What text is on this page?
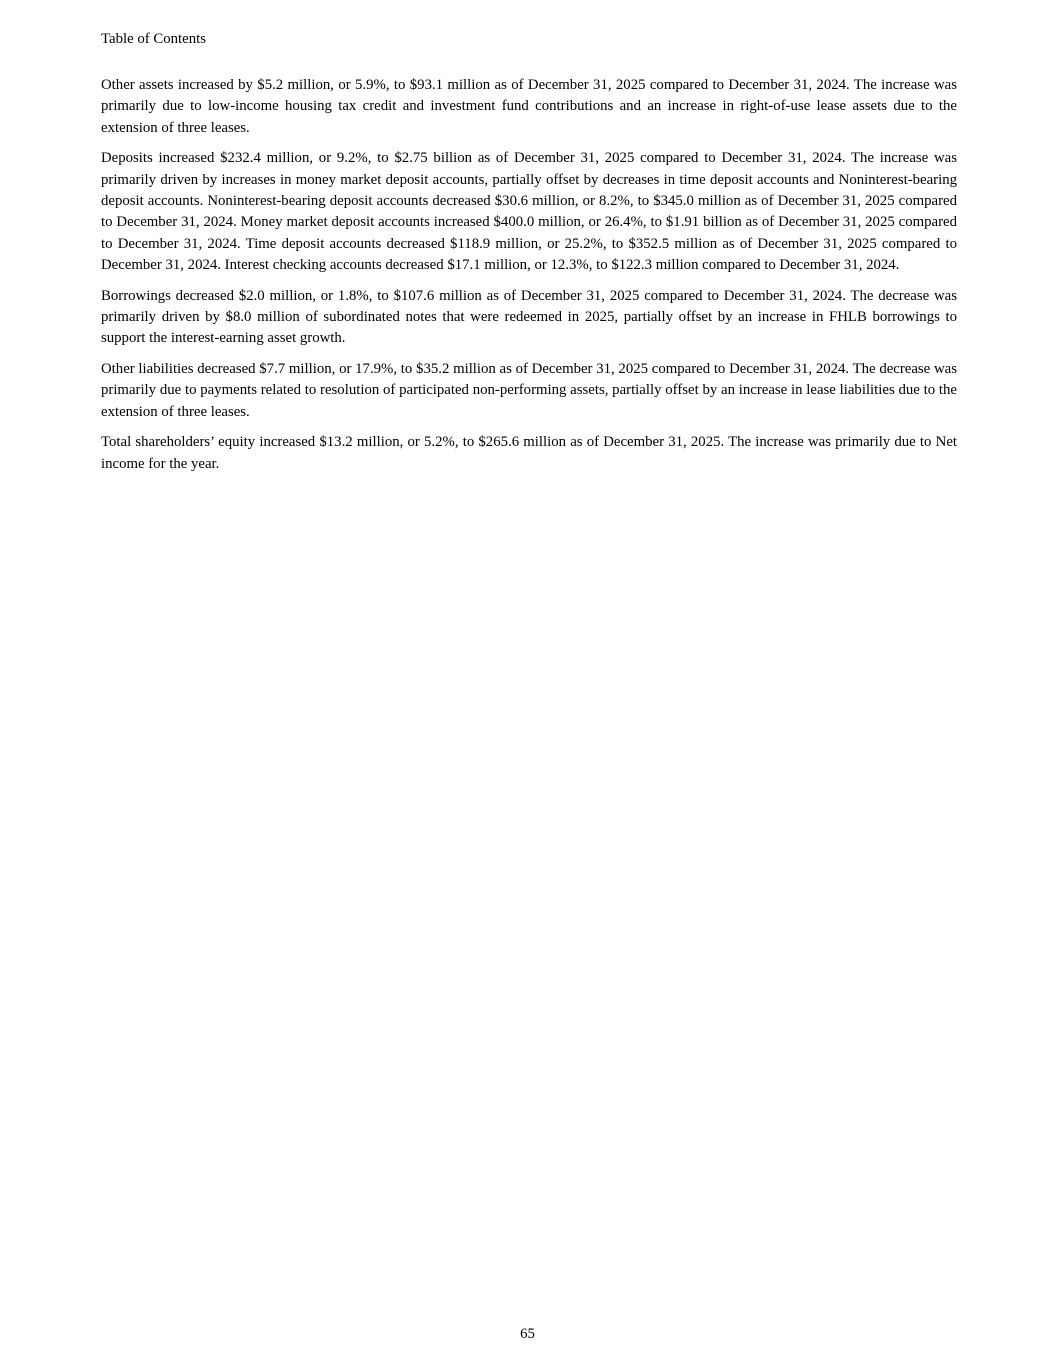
Table of Contents

Other assets increased by $5.2 million, or 5.9%, to $93.1 million as of December 31, 2025 compared to December 31, 2024. The increase was primarily due to low-income housing tax credit and investment fund contributions and an increase in right-of-use lease assets due to the extension of three leases.

Deposits increased $232.4 million, or 9.2%, to $2.75 billion as of December 31, 2025 compared to December 31, 2024. The increase was primarily driven by increases in money market deposit accounts, partially offset by decreases in time deposit accounts and Noninterest-bearing deposit accounts. Noninterest-bearing deposit accounts decreased $30.6 million, or 8.2%, to $345.0 million as of December 31, 2025 compared to December 31, 2024. Money market deposit accounts increased $400.0 million, or 26.4%, to $1.91 billion as of December 31, 2025 compared to December 31, 2024. Time deposit accounts decreased $118.9 million, or 25.2%, to $352.5 million as of December 31, 2025 compared to December 31, 2024. Interest checking accounts decreased $17.1 million, or 12.3%, to $122.3 million compared to December 31, 2024.

Borrowings decreased $2.0 million, or 1.8%, to $107.6 million as of December 31, 2025 compared to December 31, 2024. The decrease was primarily driven by $8.0 million of subordinated notes that were redeemed in 2025, partially offset by an increase in FHLB borrowings to support the interest-earning asset growth.

Other liabilities decreased $7.7 million, or 17.9%, to $35.2 million as of December 31, 2025 compared to December 31, 2024. The decrease was primarily due to payments related to resolution of participated non-performing assets, partially offset by an increase in lease liabilities due to the extension of three leases.

Total shareholders’ equity increased $13.2 million, or 5.2%, to $265.6 million as of December 31, 2025. The increase was primarily due to Net income for the year.

65
